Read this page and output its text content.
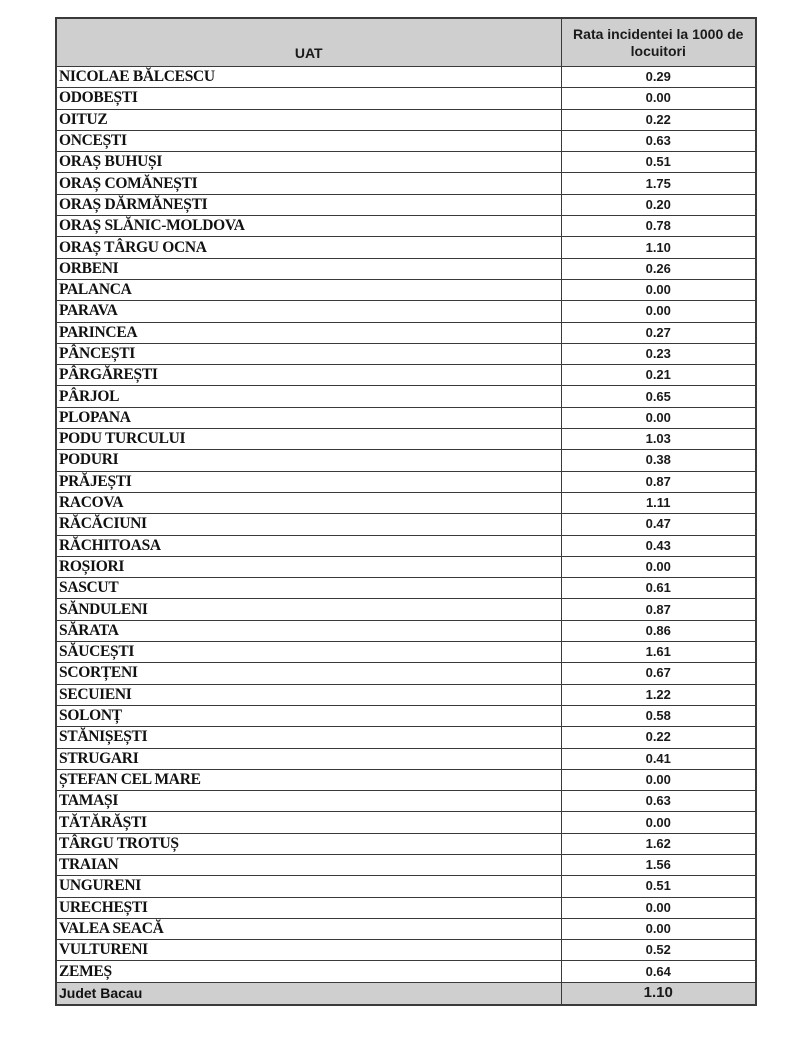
UAT	Rata incidentei la 1000 de locuitori
NICOLAE BĂLCESCU	0.29
ODOBEȘTI	0.00
OITUZ	0.22
ONCEȘTI	0.63
ORAȘ BUHUȘI	0.51
ORAȘ COMĂNEȘTI	1.75
ORAȘ DĂRMĂNEȘTI	0.20
ORAȘ SLĂNIC-MOLDOVA	0.78
ORAȘ TÂRGU OCNA	1.10
ORBENI	0.26
PALANCA	0.00
PARAVA	0.00
PARINCEA	0.27
PÂNCEȘTI	0.23
PÂRGĂREȘTI	0.21
PÂRJOL	0.65
PLOPANA	0.00
PODU TURCULUI	1.03
PODURI	0.38
PRĂJEȘTI	0.87
RACOVA	1.11
RĂCĂCIUNI	0.47
RĂCHITOASA	0.43
ROȘIORI	0.00
SASCUT	0.61
SĂNDULENI	0.87
SĂRATA	0.86
SĂUCEȘTI	1.61
SCORȚENI	0.67
SECUIENI	1.22
SOLONȚ	0.58
STĂNIȘEȘTI	0.22
STRUGARI	0.41
ȘTEFAN CEL MARE	0.00
TAMAȘI	0.63
TĂTĂRĂȘTI	0.00
TÂRGU TROTUȘ	1.62
TRAIAN	1.56
UNGURENI	0.51
URECHEȘTI	0.00
VALEA SEACĂ	0.00
VULTURENI	0.52
ZEMEȘ	0.64
Judet Bacau	1.10
